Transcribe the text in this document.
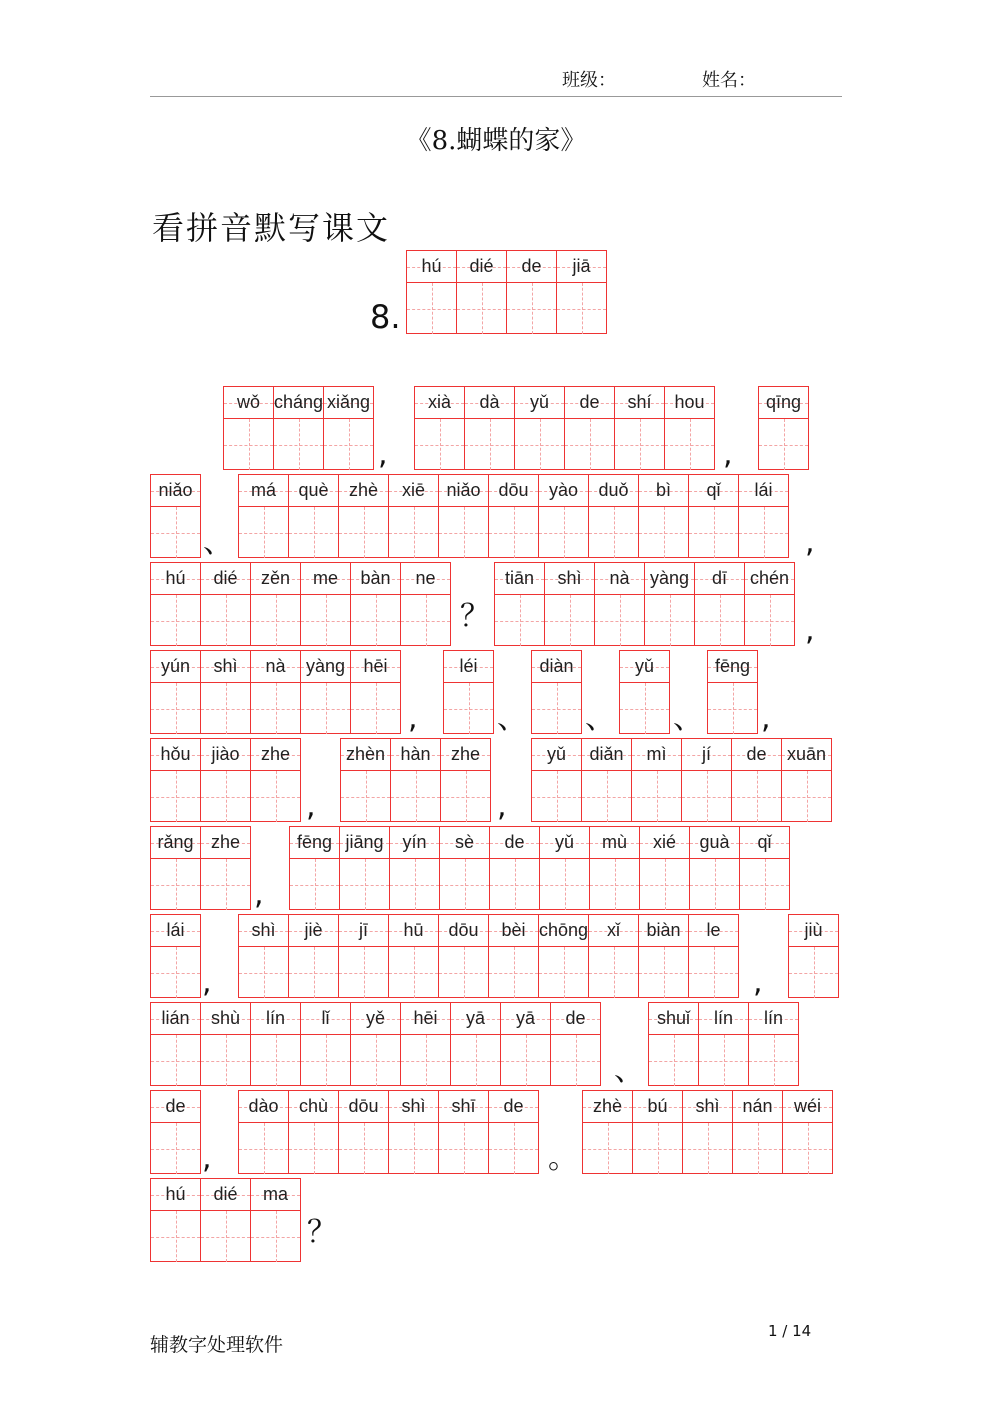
班级：	姓名：
《8.蝴蝶的家》
看拼音默写课文
8.
hú	dié	de	jiā
wǒ cháng xiǎng	xià	dà	yǔ	de	shí	hou	qīng
niǎo	má	què	zhè	xiē	niǎo dōu	yào	duǒ	bì	qǐ	lái
hú	dié	zěn	me	bàn	ne	tiān	shì	nà	yàng	dī	chén
yún	shì	nà	yàng	hēi	léi	diàn	yǔ	fēng
hǒu	jiào	zhe	zhèn hàn	zhe	yǔ	diǎn	mì	jí	de	xuān
rǎng zhe	fēng jiāng	yín	sè	de	yǔ	mù	xié	guà	qǐ
lái	shì	jiè	jī	hū	dōu	bèi chōng	xǐ	biàn	le	jiù
lián	shù	lín	lǐ	yě	hēi	yā	yā	de	shuǐ	lín	lín
de	dào	chù	dōu	shì	shī	de	zhè	bú	shì	nán	wéi
hú	dié	ma
,	,
、	,
？	,
,	、 、 、 ,
,	,
,
,	,
、
,	。
？
辅教字处理软件
1 / 14
